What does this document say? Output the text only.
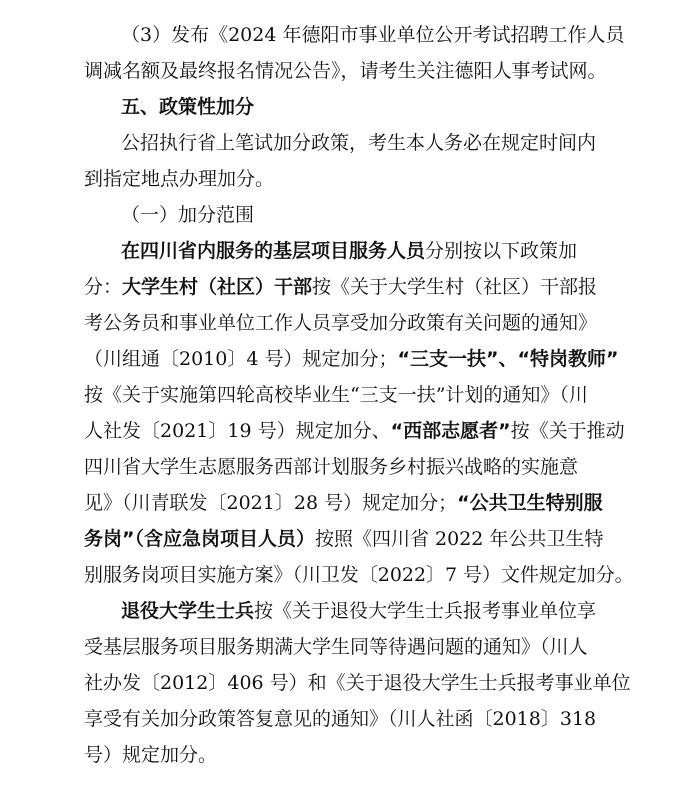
（3）发布《2024 年德阳市事业单位公开考试招聘工作人员
调减名额及最终报名情况公告》，请考生关注德阳人事考试网。
五、政策性加分
公招执行省上笔试加分政策，考生本人务必在规定时间内
到指定地点办理加分。
（一）加分范围
在四川省内服务的基层项目服务人员分别按以下政策加
分：大学生村（社区）干部按《关于大学生村（社区）干部报
考公务员和事业单位工作人员享受加分政策有关问题的通知》
（川组通〔2010〕4 号）规定加分；“三支一扶”、“特岗教师”
按《关于实施第四轮高校毕业生“三支一扶”计划的通知》（川
人社发〔2021〕19 号）规定加分、“西部志愿者”按《关于推动
四川省大学生志愿服务西部计划服务乡村振兴战略的实施意
见》（川青联发〔2021〕28 号）规定加分；“公共卫生特别服
务岗”（含应急岗项目人员）按照《四川省 2022 年公共卫生特
别服务岗项目实施方案》（川卫发〔2022〕7 号）文件规定加分。
退役大学生士兵按《关于退役大学生士兵报考事业单位享
受基层服务项目服务期满大学生同等待遇问题的通知》（川人
社办发〔2012〕406 号）和《关于退役大学生士兵报考事业单位
享受有关加分政策答复意见的通知》（川人社函〔2018〕318
号）规定加分。
